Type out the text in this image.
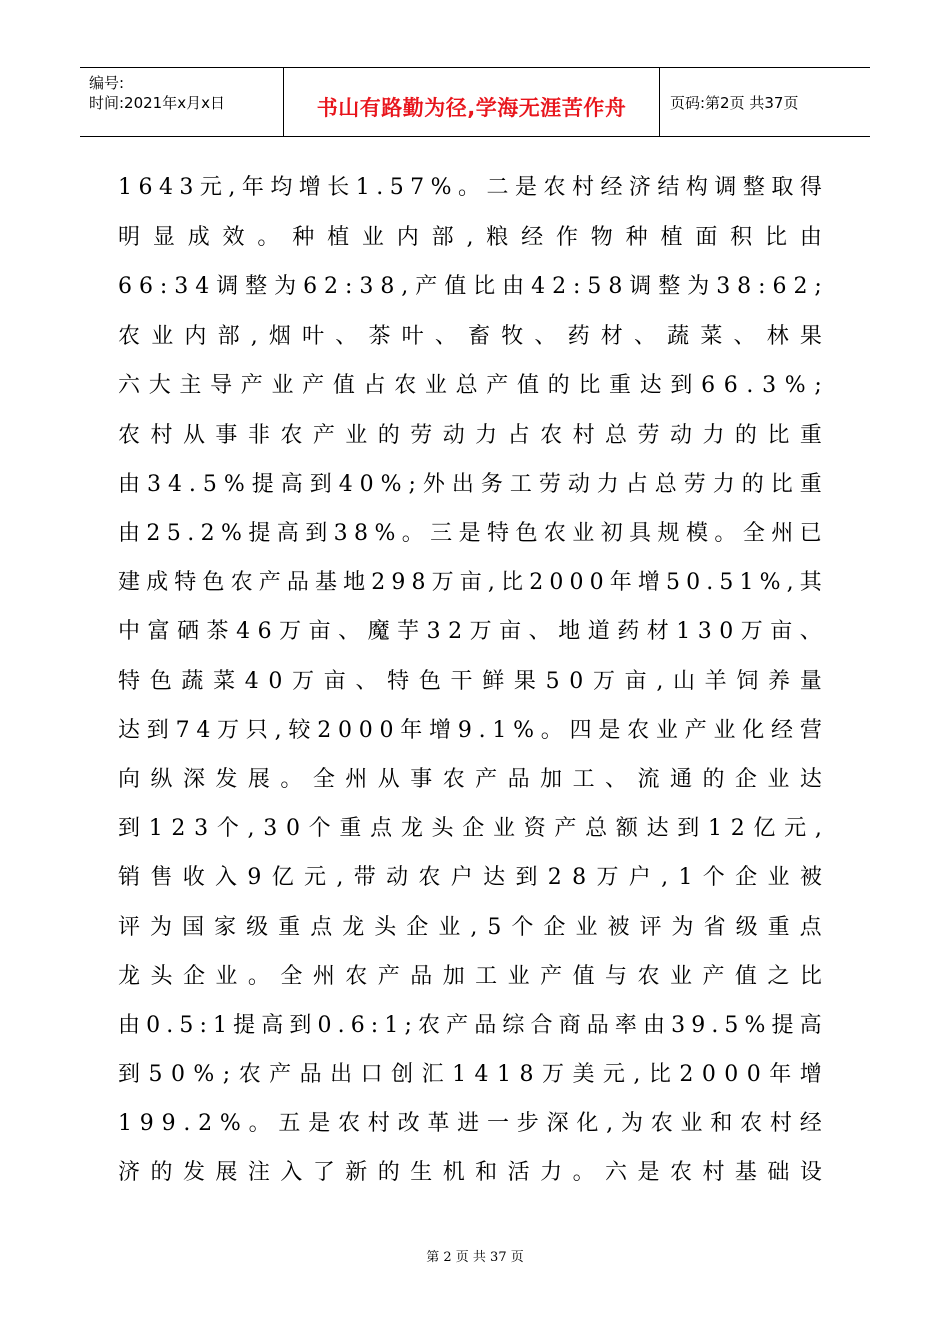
编号:
时间:2021年x月x日	书山有路勤为径,学海无涯苦作舟	页码:第2页 共37页
1 6 4 3 元 , 年 均 增 长 1 . 5 7 % 。 二 是 农 村 经 济 结 构 调 整 取 得
明 显 成 效 。 种 植 业 内 部 , 粮 经 作 物 种 植 面 积 比 由
6 6 : 3 4 调 整 为 6 2 : 3 8 , 产 值 比 由 4 2 : 5 8 调 整 为 3 8 : 6 2 ;
农 业 内 部 , 烟 叶 、 茶 叶 、 畜 牧 、 药 材 、 蔬 菜 、 林 果
六 大 主 导 产 业 产 值 占 农 业 总 产 值 的 比 重 达 到 6 6 . 3 % ;
农 村 从 事 非 农 产 业 的 劳 动 力 占 农 村 总 劳 动 力 的 比 重
由 3 4 . 5 % 提 高 到 4 0 % ; 外 出 务 工 劳 动 力 占 总 劳 力 的 比 重
由 2 5 . 2 % 提 高 到 3 8 % 。 三 是 特 色 农 业 初 具 规 模 。 全 州 已
建 成 特 色 农 产 品 基 地 2 9 8 万 亩 , 比 2 0 0 0 年 增 5 0 . 5 1 % , 其
中 富 硒 茶 4 6 万 亩 、 魔 芋 3 2 万 亩 、 地 道 药 材 1 3 0 万 亩 、
特 色 蔬 菜 4 0 万 亩 、 特 色 干 鲜 果 5 0 万 亩 , 山 羊 饲 养 量
达 到 7 4 万 只 , 较 2 0 0 0 年 增 9 . 1 % 。 四 是 农 业 产 业 化 经 营
向 纵 深 发 展 。 全 州 从 事 农 产 品 加 工 、 流 通 的 企 业 达
到 1 2 3 个 , 3 0 个 重 点 龙 头 企 业 资 产 总 额 达 到 1 2 亿 元 ,
销 售 收 入 9 亿 元 , 带 动 农 户 达 到 2 8 万 户 , 1 个 企 业 被
评 为 国 家 级 重 点 龙 头 企 业 , 5 个 企 业 被 评 为 省 级 重 点
龙 头 企 业 。 全 州 农 产 品 加 工 业 产 值 与 农 业 产 值 之 比
由 0 . 5 : 1 提 高 到 0 . 6 : 1 ; 农 产 品 综 合 商 品 率 由 3 9 . 5 % 提 高
到 5 0 % ; 农 产 品 出 口 创 汇 1 4 1 8 万 美 元 , 比 2 0 0 0 年 增
1 9 9 . 2 % 。 五 是 农 村 改 革 进 一 步 深 化 , 为 农 业 和 农 村 经
济 的 发 展 注 入 了 新 的 生 机 和 活 力 。 六 是 农 村 基 础 设
第 2 页 共 37 页
